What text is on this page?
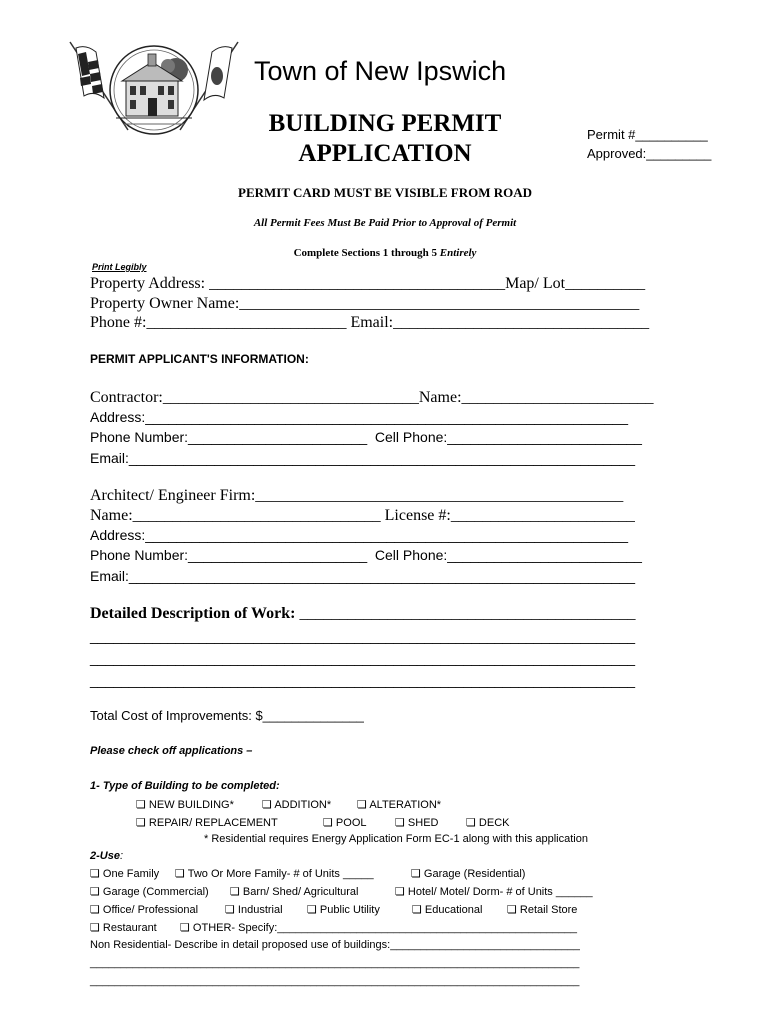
Town of New Ipswich
BUILDING PERMIT
APPLICATION
Permit #__________
Approved:_________
PERMIT CARD MUST BE VISIBLE FROM ROAD
All Permit Fees Must Be Paid Prior to Approval of Permit
Complete Sections 1 through 5 Entirely
Print Legibly
Property Address: _____________________________________Map/ Lot__________
Property Owner Name:__________________________________________________
Phone #:_________________________ Email:________________________________
PERMIT APPLICANT'S INFORMATION:
Contractor:________________________________Name:________________________
Address:______________________________________________________________
Phone Number:_______________________  Cell Phone:_________________________
Email:_________________________________________________________________
Architect/ Engineer Firm:______________________________________________
Name:_______________________________ License #:_______________________
Address:______________________________________________________________
Phone Number:_______________________  Cell Phone:_________________________
Email:_________________________________________________________________
Detailed Description of Work: __________________________________________
______________________________________________________________________
______________________________________________________________________
______________________________________________________________________
Total Cost of Improvements: $______________
Please check off applications –
1- Type of Building to be completed:
❏ NEW BUILDING*	❏ ADDITION* ❏ ALTERATION*
❏ REPAIR/ REPLACEMENT	❏ POOL	❏ SHED	❏ DECK
* Residential requires Energy Application Form EC-1 along with this application
2-Use:
❏ One Family ❏ Two Or More Family- # of Units _____	❏ Garage (Residential)
❏ Garage (Commercial) ❏ Barn/ Shed/ Agricultural	❏ Hotel/ Motel/ Dorm- # of Units ______
❏ Office/ Professional ❏ Industrial ❏ Public Utility	❏ Educational ❏ Retail Store
❏ Restaurant ❏ OTHER- Specify:_________________________________________________
Non Residential- Describe in detail proposed use of buildings:_______________________________
________________________________________________________________________________
________________________________________________________________________________
